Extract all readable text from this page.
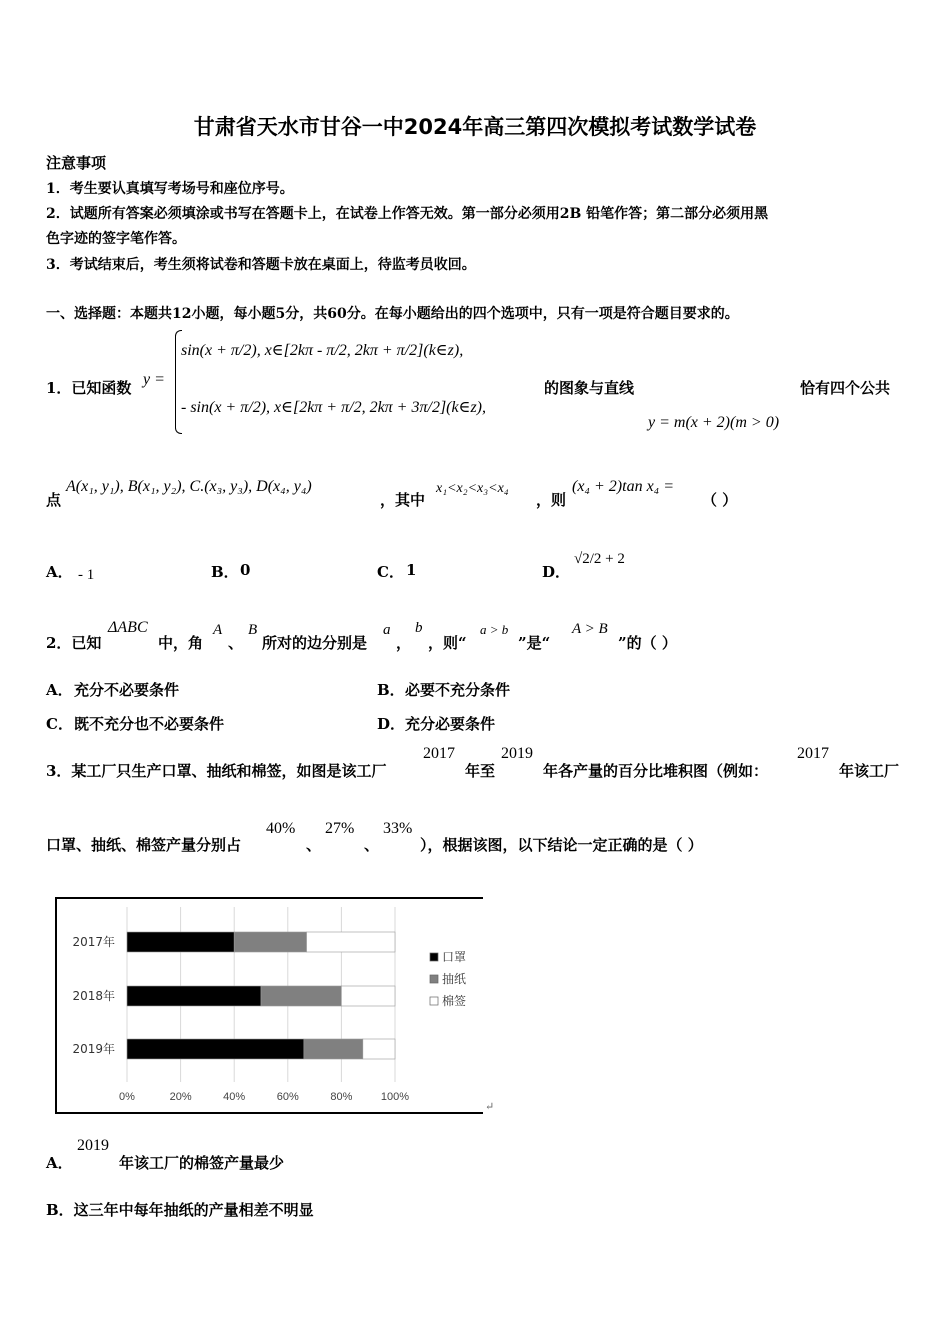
甘肃省天水市甘谷一中2024年高三第四次模拟考试数学试卷
注意事项
1．考生要认真填写考场号和座位序号。
2．试题所有答案必须填涂或书写在答题卡上，在试卷上作答无效。第一部分必须用2B 铅笔作答；第二部分必须用黑
色字迹的签字笔作答。
3．考试结束后，考生须将试卷和答题卡放在桌面上，待监考员收回。
一、选择题：本题共12小题，每小题5分，共60分。在每小题给出的四个选项中，只有一项是符合题目要求的。
1．已知函数 y =
sin(x + π/2), x∈[2kπ - π/2, 2kπ + π/2](k∈z),
- sin(x + π/2), x∈[2kπ + π/2, 2kπ + 3π/2](k∈z),
的图象与直线	恰有四个公共
y = m(x + 2)(m > 0)
点
A(x₁, y₁), B(x₁, y₂), C.(x₃, y₃), D(x₄, y₄)
，其中
x₁<x₂<x₃<x₄
，则
(x₄ + 2)tan x₄ =
（ ）
A． - 1	B． 0	C． 1	D．
√2/2 + 2
2．已知
ΔABC
中，角
A
、
B
所对的边分别是
a
，
b
，则“
a > b
”是“
A > B
”的（ ）
A． 充分不必要条件	B． 必要不充分条件
C． 既不充分也不必要条件	D． 充分必要条件
3．某工厂只生产口罩、抽纸和棉签，如图是该工厂
2017
年至
2019
年各产量的百分比堆积图（例如：
2017
年该工厂
口罩、抽纸、棉签产量分别占
40%
、
27%
、
33%
），根据该图，以下结论一定正确的是（ ）
0%	20%	40%	60%	80%	100%
2017年
2018年
2019年
口罩
抽纸
棉签
↵
A．
2019
年该工厂的棉签产量最少
B．这三年中每年抽纸的产量相差不明显
